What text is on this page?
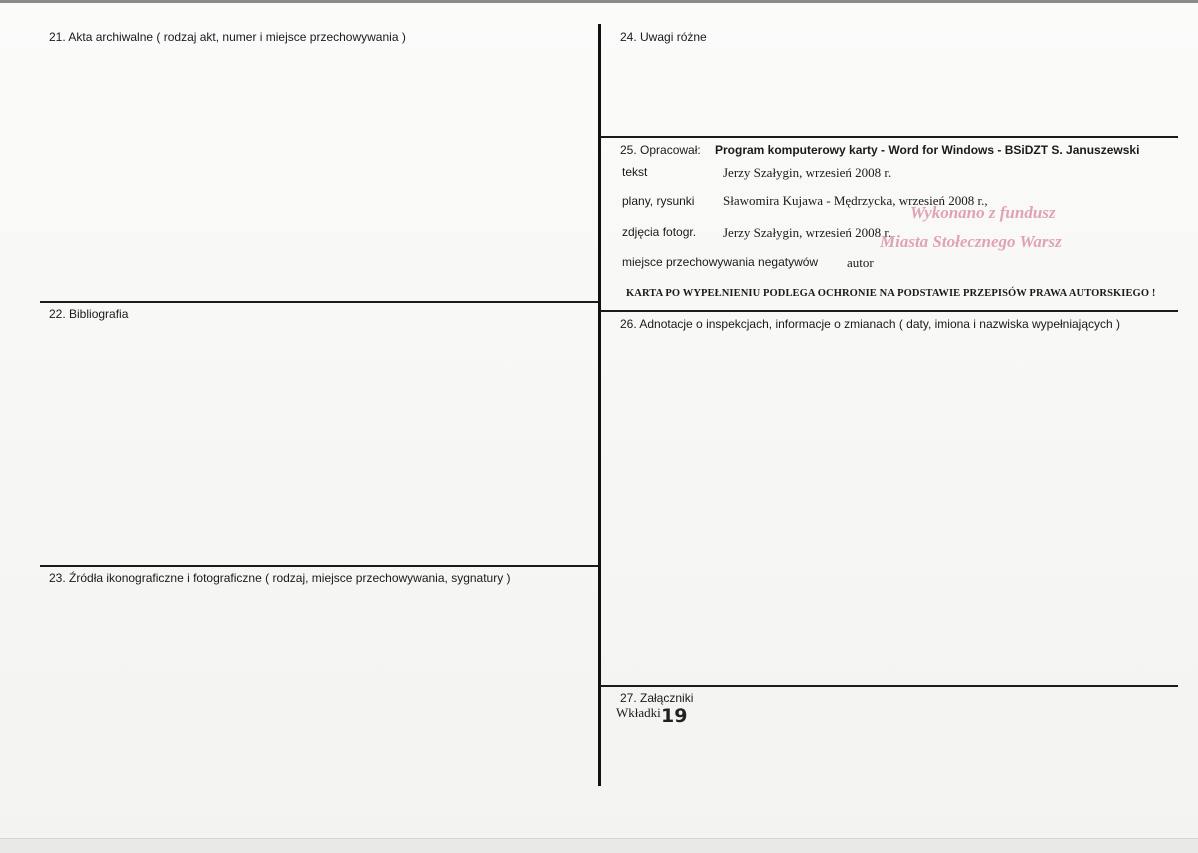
21. Akta archiwalne ( rodzaj akt, numer i miejsce przechowywania )
22. Bibliografia
23. Źródła ikonograficzne i fotograficzne ( rodzaj, miejsce przechowywania, sygnatury )
24. Uwagi różne
25. Opracował: Program komputerowy karty - Word for Windows - BSiDZT S. Januszewski
tekst	Jerzy Szałygin, wrzesień 2008 r.
plany, rysunki Sławomira Kujawa - Mędrzycka, wrzesień 2008 r.,
zdjęcia fotogr. Jerzy Szałygin, wrzesień 2008 r.
miejsce przechowywania negatywów autor
Wykonano z fundusz
Miasta Stołecznego Warsz
KARTA PO WYPEŁNIENIU PODLEGA OCHRONIE NA PODSTAWIE PRZEPISÓW PRAWA AUTORSKIEGO !
26. Adnotacje o inspekcjach, informacje o zmianach ( daty, imiona i nazwiska wypełniających )
27. Załączniki
Wkładki 19
